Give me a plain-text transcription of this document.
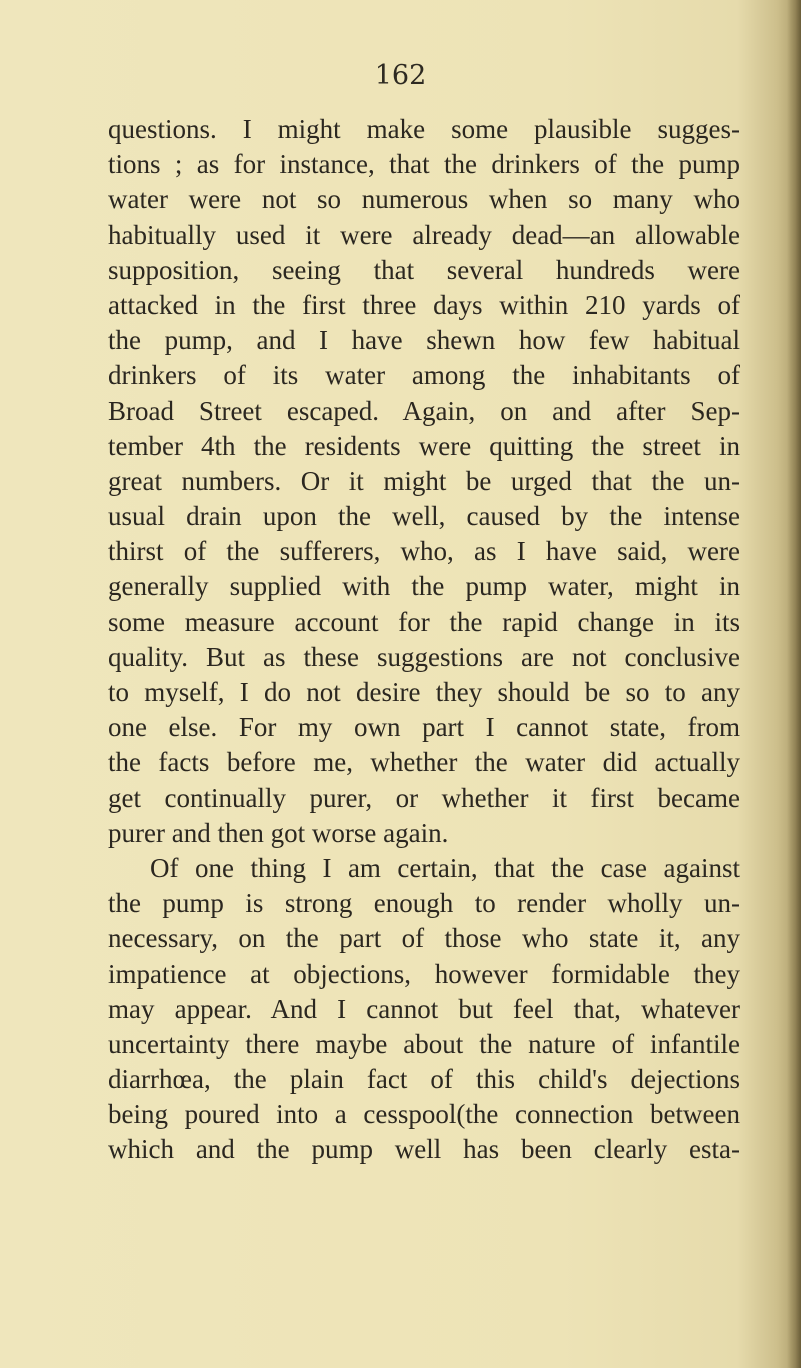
162
questions. I might make some plausible sugges-
tions ; as for instance, that the drinkers of the pump
water were not so numerous when so many who
habitually used it were already dead—an allowable
supposition, seeing that several hundreds were
attacked in the first three days within 210 yards of
the pump, and I have shewn how few habitual
drinkers of its water among the inhabitants of
Broad Street escaped. Again, on and after Sep-
tember 4th the residents were quitting the street in
great numbers. Or it might be urged that the un-
usual drain upon the well, caused by the intense
thirst of the sufferers, who, as I have said, were
generally supplied with the pump water, might in
some measure account for the rapid change in its
quality. But as these suggestions are not conclusive
to myself, I do not desire they should be so to any
one else. For my own part I cannot state, from
the facts before me, whether the water did actually
get continually purer, or whether it first became
purer and then got worse again.
Of one thing I am certain, that the case against
the pump is strong enough to render wholly un-
necessary, on the part of those who state it, any
impatience at objections, however formidable they
may appear. And I cannot but feel that, whatever
uncertainty there maybe about the nature of infantile
diarrhœa, the plain fact of this child's dejections
being poured into a cesspool(the connection between
which and the pump well has been clearly esta-
